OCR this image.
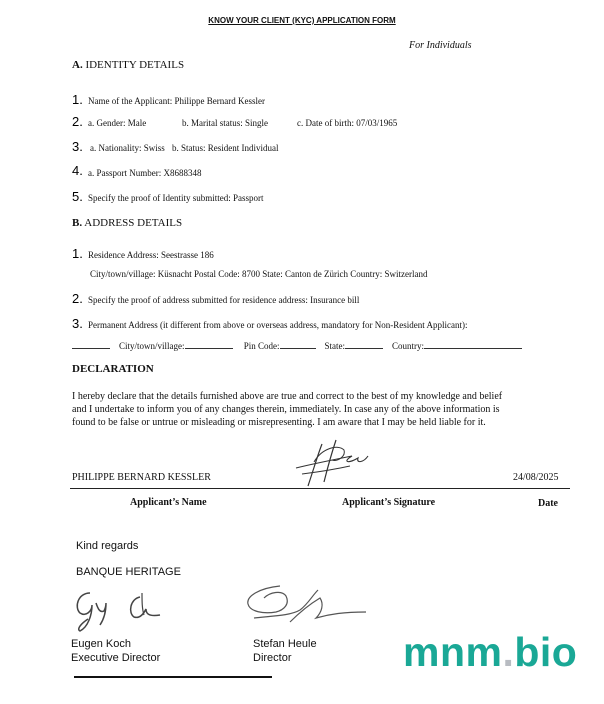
KNOW YOUR CLIENT (KYC) APPLICATION FORM
For Individuals
A. IDENTITY DETAILS
1. Name of the Applicant: Philippe Bernard Kessler
2. a. Gender: Male	b. Marital status: Single	c. Date of birth: 07/03/1965
3. a. Nationality: Swiss b. Status: Resident Individual
4. a. Passport Number: X8688348
5. Specify the proof of Identity submitted: Passport
B. ADDRESS DETAILS
1. Residence Address: Seestrasse 186
City/town/village: Küsnacht Postal Code: 8700 State: Canton de Zürich Country: Switzerland
2. Specify the proof of address submitted for residence address: Insurance bill
3. Permanent Address (it different from above or overseas address, mandatory for Non-Resident Applicant):
City/town/village:	Pin Code:	State:	Country:
DECLARATION
I hereby declare that the details furnished above are true and correct to the best of my knowledge and belief
and I undertake to inform you of any changes therein, immediately. In case any of the above information is
found to be false or untrue or misleading or misrepresenting. I am aware that I may be held liable for it.
PHILIPPE BERNARD KESSLER	24/08/2025
Applicant’s Name	Applicant’s Signature	Date
Kind regards
BANQUE HERITAGE
Eugen Koch
Executive Director
Stefan Heule
Director	mnm.bio
